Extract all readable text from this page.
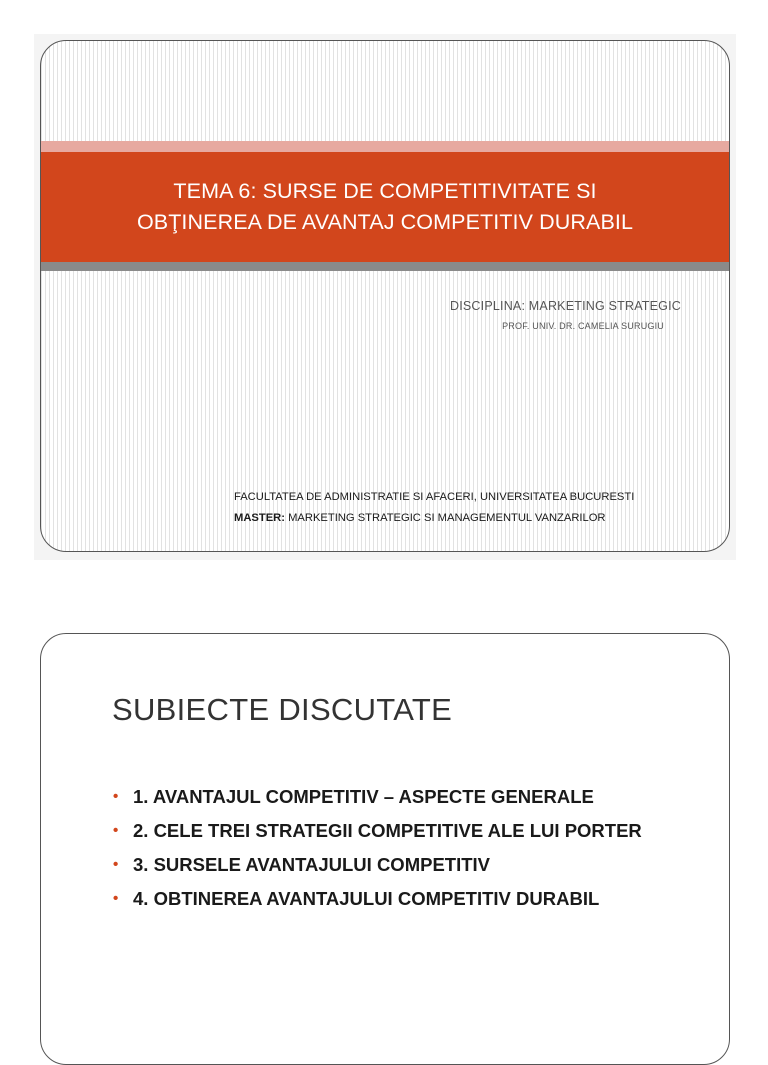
TEMA 6: SURSE DE COMPETITIVITATE SI
OBŢINEREA DE AVANTAJ COMPETITIV DURABIL
DISCIPLINA: MARKETING STRATEGIC
PROF. UNIV. DR. CAMELIA SURUGIU
FACULTATEA DE ADMINISTRATIE SI AFACERI, UNIVERSITATEA BUCURESTI
MASTER: MARKETING STRATEGIC SI MANAGEMENTUL VANZARILOR
SUBIECTE DISCUTATE
• 1. AVANTAJUL COMPETITIV – ASPECTE GENERALE
• 2. CELE TREI STRATEGII COMPETITIVE ALE LUI PORTER
• 3. SURSELE AVANTAJULUI COMPETITIV
• 4. OBTINEREA AVANTAJULUI COMPETITIV DURABIL
